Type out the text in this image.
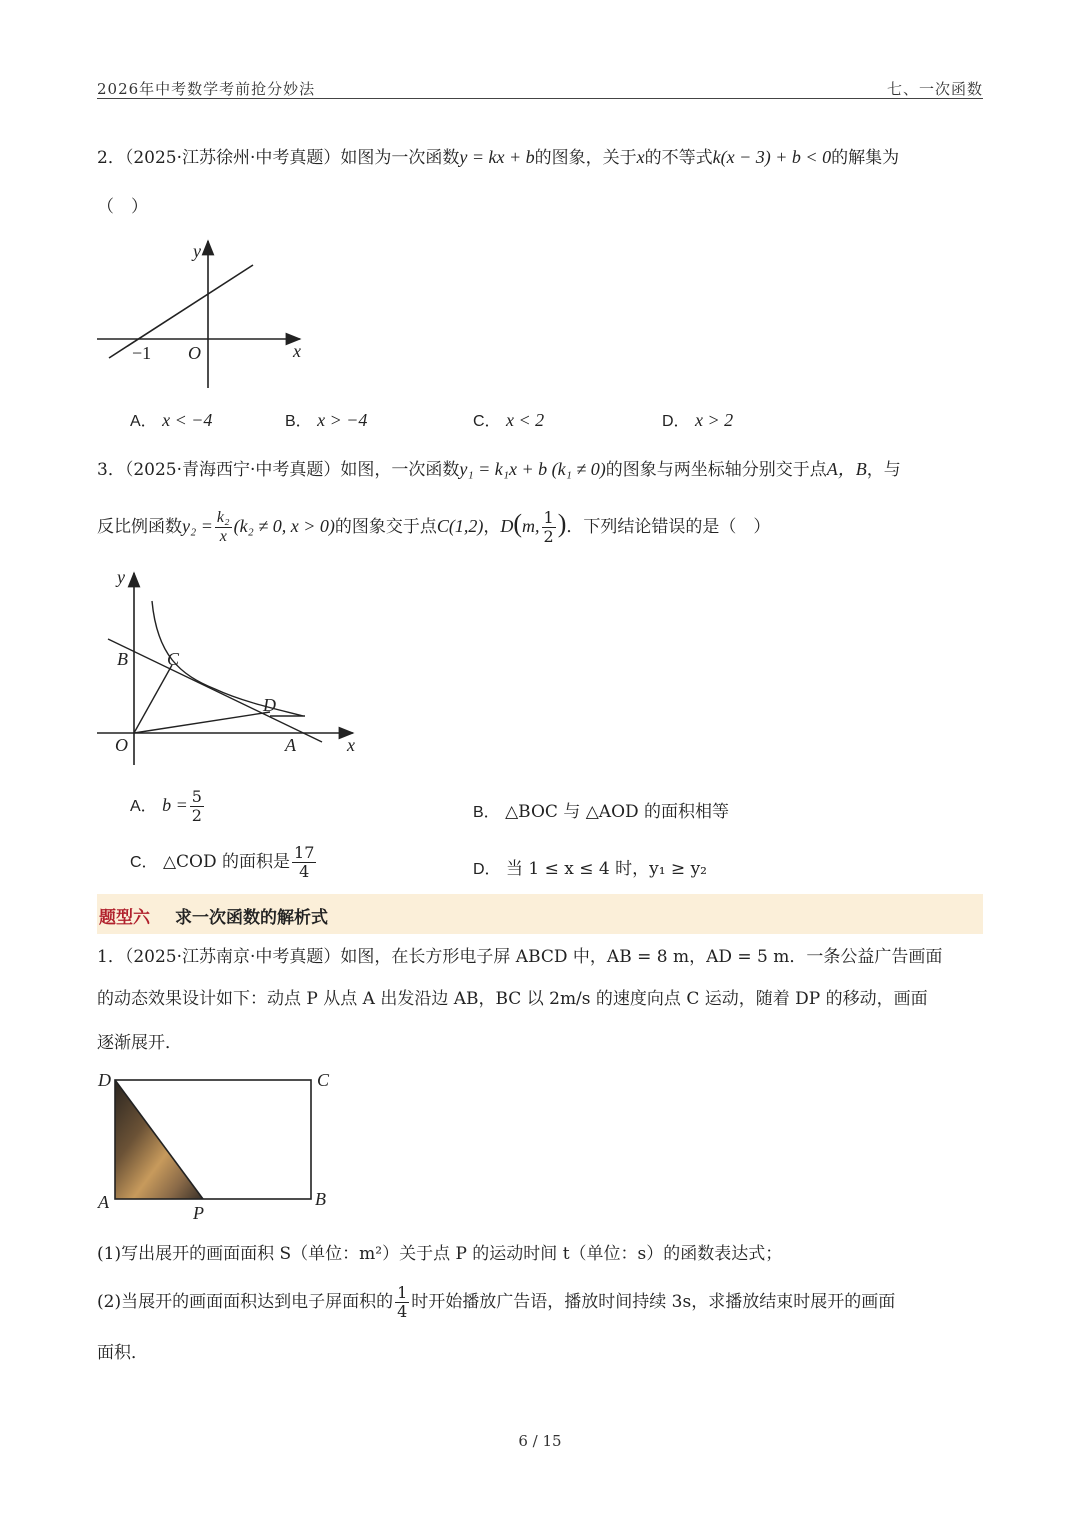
2026年中考数学考前抢分妙法	七、一次函数
2．（2025·江苏徐州·中考真题）如图为一次函数y = kx + b的图象，关于x的不等式k(x − 3) + b < 0的解集为
（　）
x
y
O
−1
A． x < −4	B． x > −4	C． x < 2	D． x > 2
3．（2025·青海西宁·中考真题）如图，一次函数y₁ = k₁x + b (k₁ ≠ 0)的图象与两坐标轴分别交于点A，B，与
反比例函数$y_2 = \frac{\text{k₂}}{x} (k_2 \ne 0$, x > 0)的图象交于点C(1,2)，D(m, $\frac{1}{2}$ )．下列结论错误的是（　）
x
y
O	A
B C
D
A． $b = \frac{5}{2}$	B． △BOC 与 △AOD 的面积相等
C． △COD 的面积是 $\frac{17}{4}$	D． 当 1 ≤ x ≤ 4 时，y₁ ≥ y₂
题型六 求一次函数的解析式
1．（2025·江苏南京·中考真题）如图，在长方形电子屏 ABCD 中，AB = 8 m，AD = 5 m．一条公益广告画面
的动态效果设计如下：动点 P 从点 A 出发沿边 AB，BC 以 2m/s 的速度向点 C 运动，随着 DP 的移动，画面
逐渐展开．
D	C
A	B
P
(1)写出展开的画面面积 S（单位：m²）关于点 P 的运动时间 t（单位：s）的函数表达式；
(2)当展开的画面面积达到电子屏面积的 $\frac{1}{4}$ 时开始播放广告语，播放时间持续 3s，求播放结束时展开的画面
面积．
6 / 15
